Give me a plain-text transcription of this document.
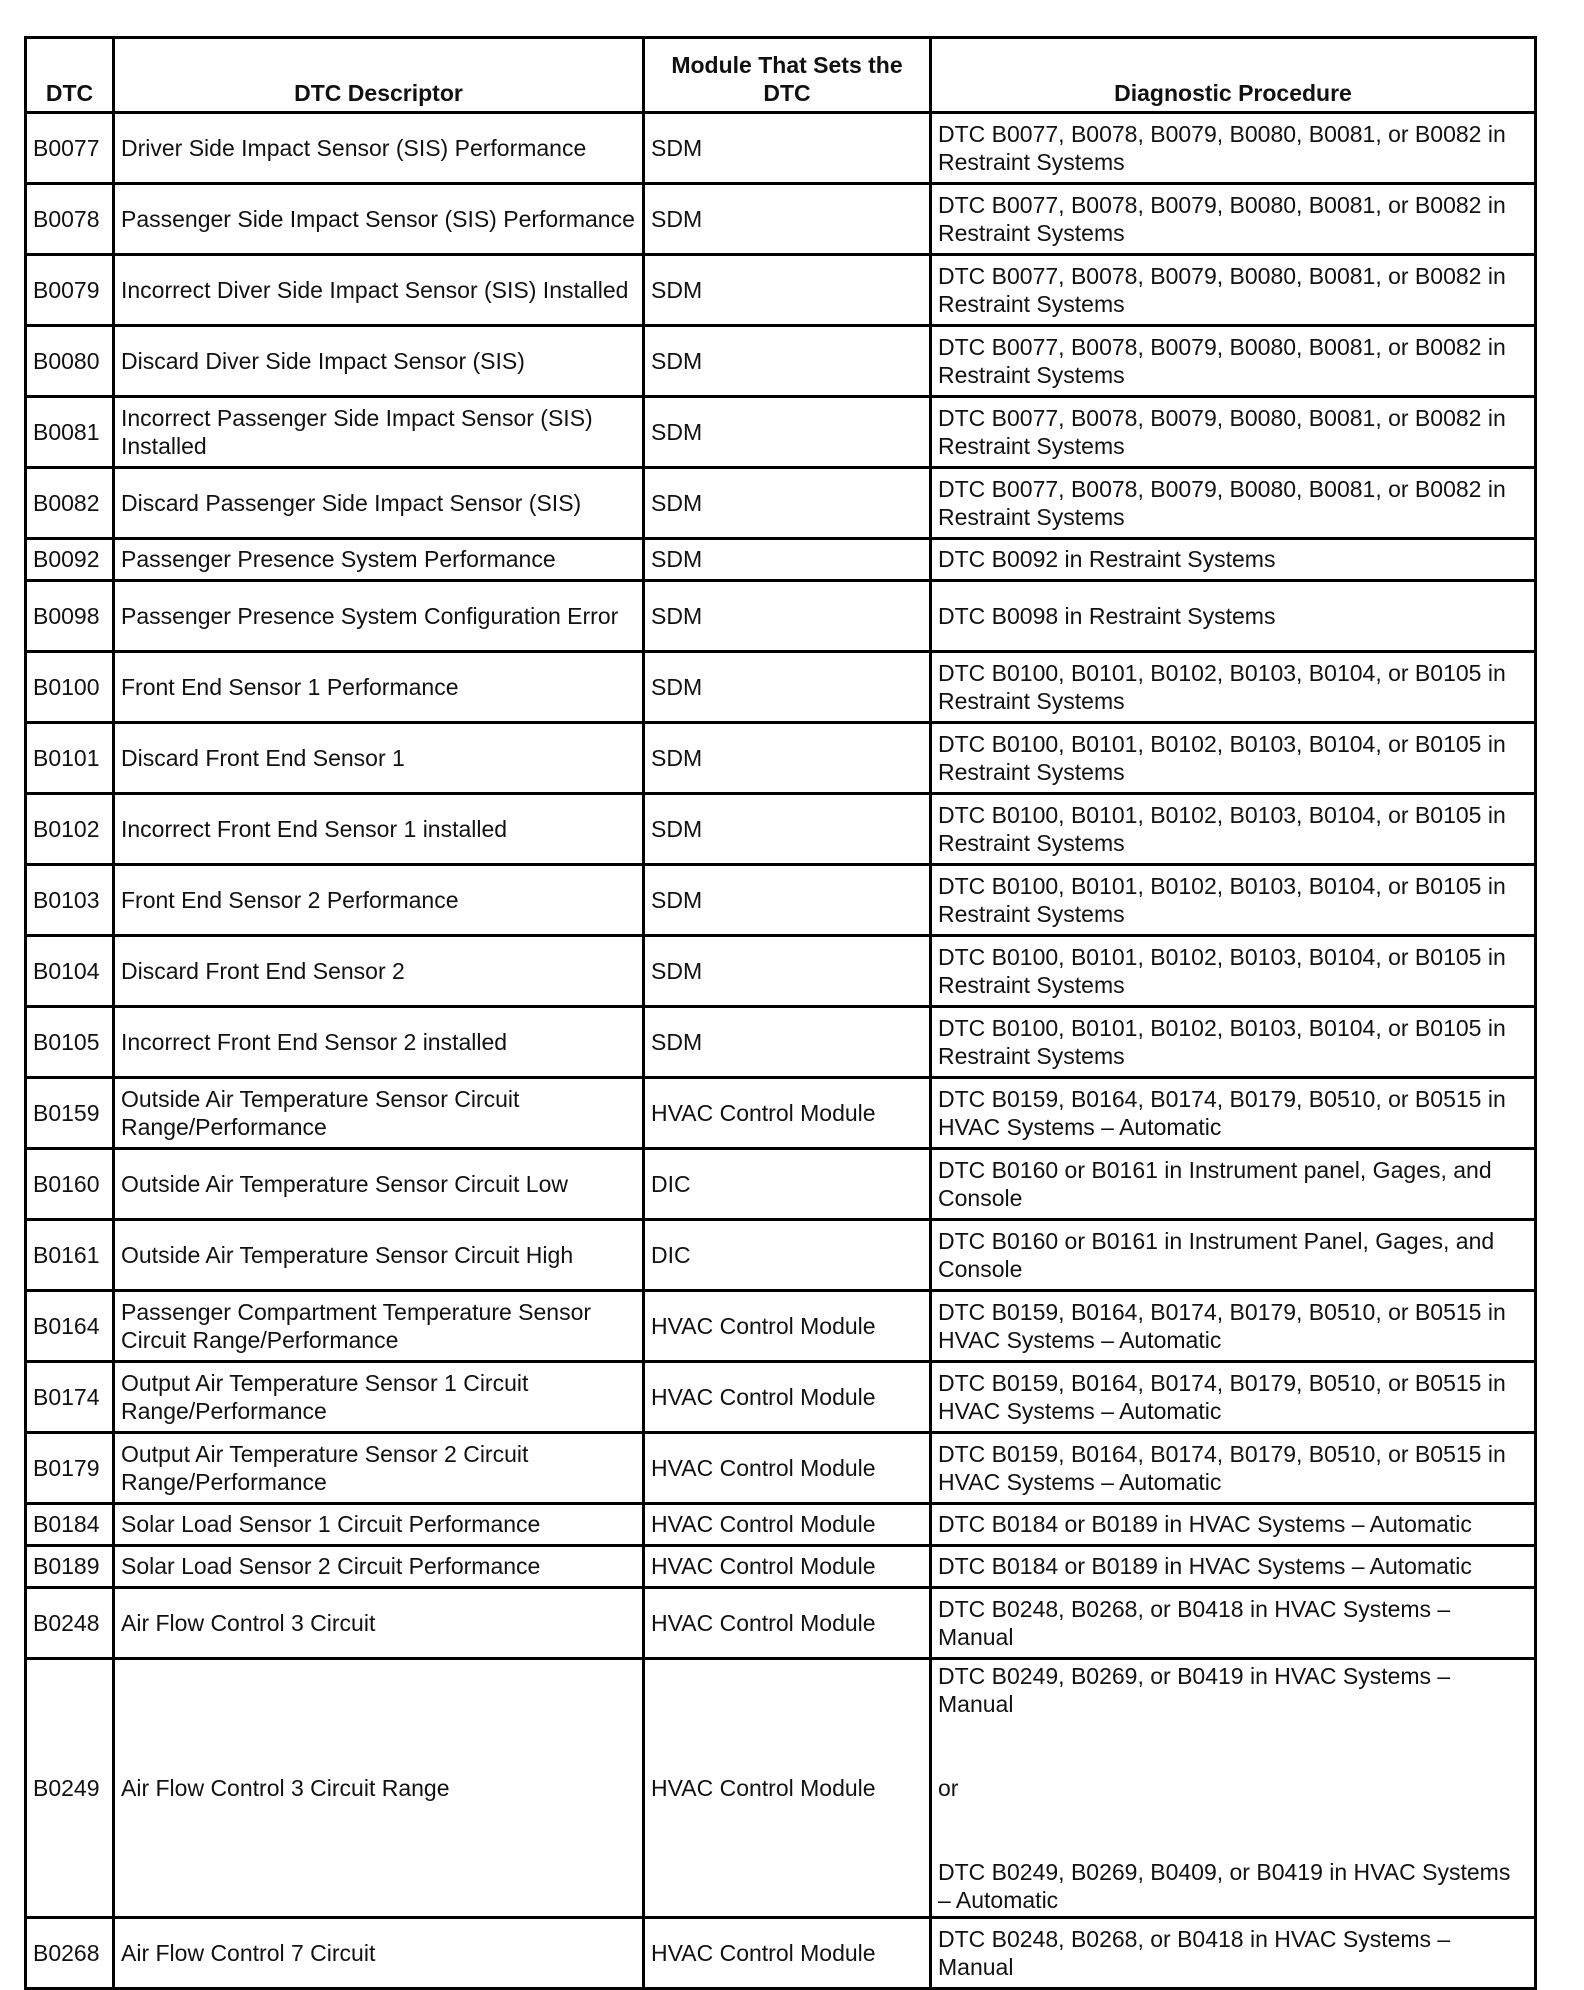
DTC	DTC Descriptor	Module That Sets the DTC	Diagnostic Procedure
B0077	Driver Side Impact Sensor (SIS) Performance	SDM	DTC B0077, B0078, B0079, B0080, B0081, or B0082 in Restraint Systems
B0078	Passenger Side Impact Sensor (SIS) Performance	SDM	DTC B0077, B0078, B0079, B0080, B0081, or B0082 in Restraint Systems
B0079	Incorrect Diver Side Impact Sensor (SIS) Installed	SDM	DTC B0077, B0078, B0079, B0080, B0081, or B0082 in Restraint Systems
B0080	Discard Diver Side Impact Sensor (SIS)	SDM	DTC B0077, B0078, B0079, B0080, B0081, or B0082 in Restraint Systems
B0081	Incorrect Passenger Side Impact Sensor (SIS) Installed	SDM	DTC B0077, B0078, B0079, B0080, B0081, or B0082 in Restraint Systems
B0082	Discard Passenger Side Impact Sensor (SIS)	SDM	DTC B0077, B0078, B0079, B0080, B0081, or B0082 in Restraint Systems
B0092	Passenger Presence System Performance	SDM	DTC B0092 in Restraint Systems
B0098	Passenger Presence System Configuration Error	SDM	DTC B0098 in Restraint Systems
B0100	Front End Sensor 1 Performance	SDM	DTC B0100, B0101, B0102, B0103, B0104, or B0105 in Restraint Systems
B0101	Discard Front End Sensor 1	SDM	DTC B0100, B0101, B0102, B0103, B0104, or B0105 in Restraint Systems
B0102	Incorrect Front End Sensor 1 installed	SDM	DTC B0100, B0101, B0102, B0103, B0104, or B0105 in Restraint Systems
B0103	Front End Sensor 2 Performance	SDM	DTC B0100, B0101, B0102, B0103, B0104, or B0105 in Restraint Systems
B0104	Discard Front End Sensor 2	SDM	DTC B0100, B0101, B0102, B0103, B0104, or B0105 in Restraint Systems
B0105	Incorrect Front End Sensor 2 installed	SDM	DTC B0100, B0101, B0102, B0103, B0104, or B0105 in Restraint Systems
B0159	Outside Air Temperature Sensor Circuit Range/Performance	HVAC Control Module	DTC B0159, B0164, B0174, B0179, B0510, or B0515 in HVAC Systems – Automatic
B0160	Outside Air Temperature Sensor Circuit Low	DIC	DTC B0160 or B0161 in Instrument panel, Gages, and Console
B0161	Outside Air Temperature Sensor Circuit High	DIC	DTC B0160 or B0161 in Instrument Panel, Gages, and Console
B0164	Passenger Compartment Temperature Sensor Circuit Range/Performance	HVAC Control Module	DTC B0159, B0164, B0174, B0179, B0510, or B0515 in HVAC Systems – Automatic
B0174	Output Air Temperature Sensor 1 Circuit Range/Performance	HVAC Control Module	DTC B0159, B0164, B0174, B0179, B0510, or B0515 in HVAC Systems – Automatic
B0179	Output Air Temperature Sensor 2 Circuit Range/Performance	HVAC Control Module	DTC B0159, B0164, B0174, B0179, B0510, or B0515 in HVAC Systems – Automatic
B0184	Solar Load Sensor 1 Circuit Performance	HVAC Control Module	DTC B0184 or B0189 in HVAC Systems – Automatic
B0189	Solar Load Sensor 2 Circuit Performance	HVAC Control Module	DTC B0184 or B0189 in HVAC Systems – Automatic
B0248	Air Flow Control 3 Circuit	HVAC Control Module	DTC B0248, B0268, or B0418 in HVAC Systems – Manual
B0249	Air Flow Control 3 Circuit Range	HVAC Control Module	DTC B0249, B0269, or B0419 in HVAC Systems – Manual
or
DTC B0249, B0269, B0409, or B0419 in HVAC Systems – Automatic

B0268	Air Flow Control 7 Circuit	HVAC Control Module	DTC B0248, B0268, or B0418 in HVAC Systems – Manual
